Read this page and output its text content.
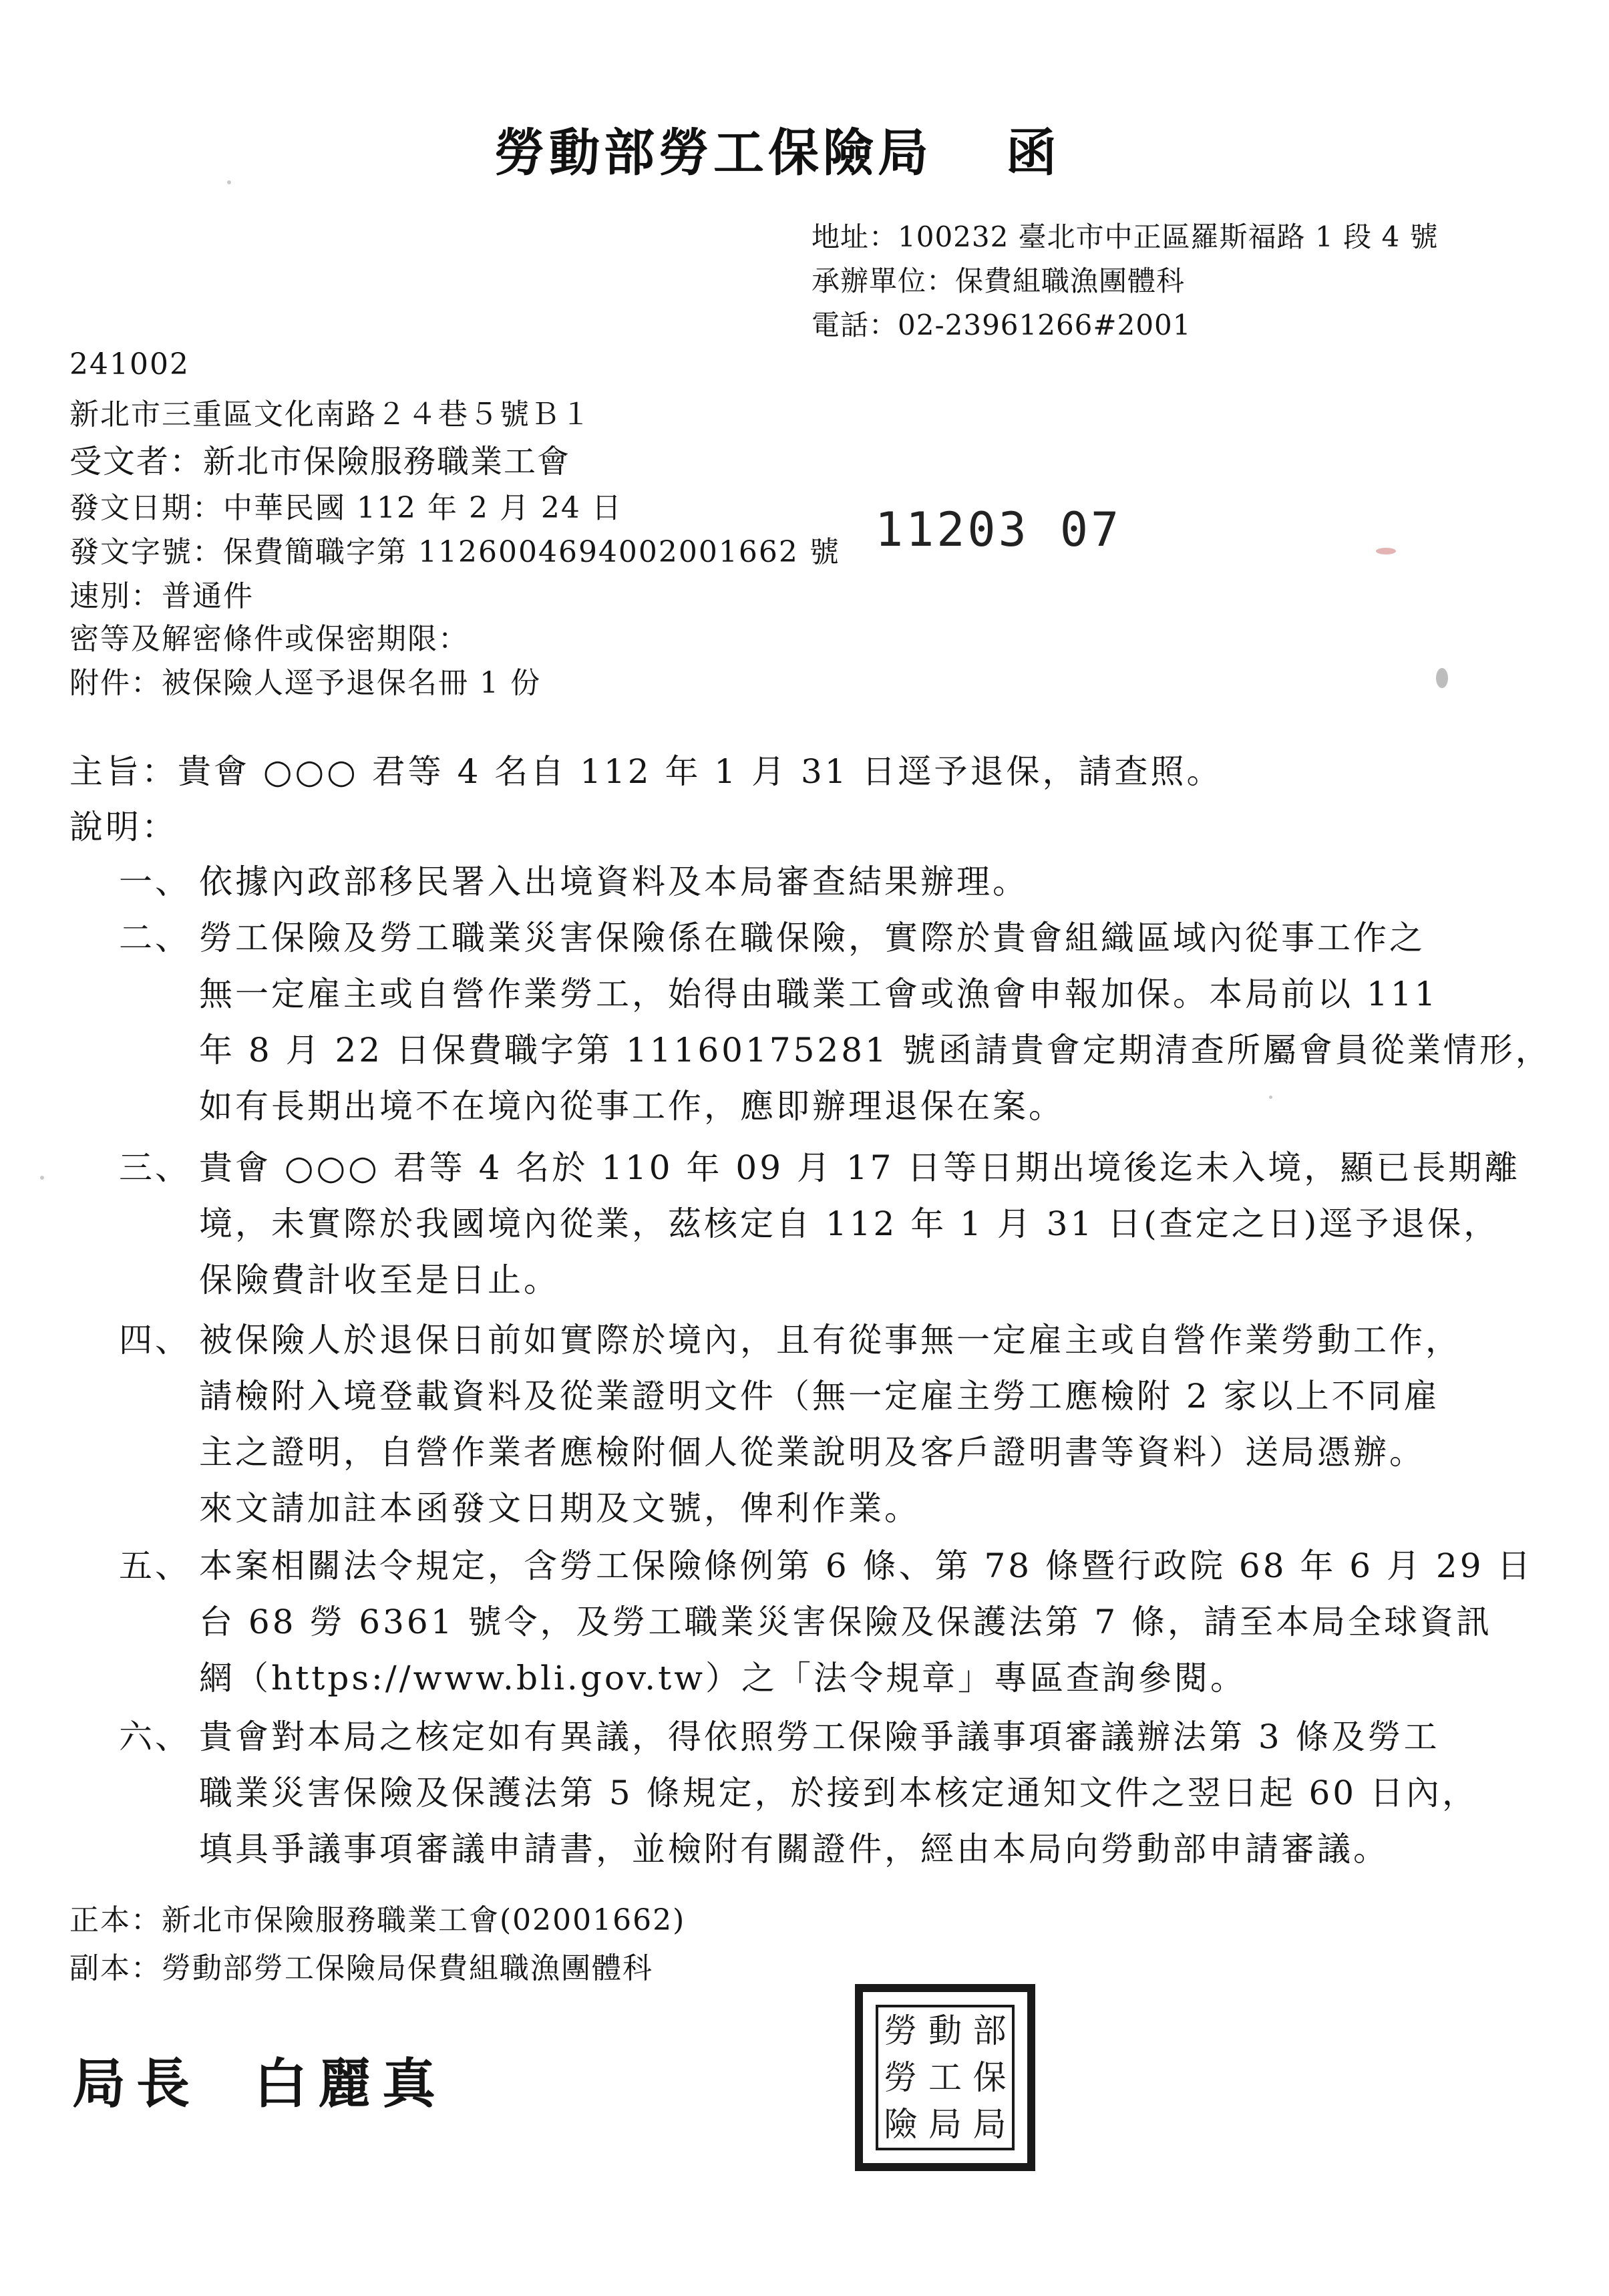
勞動部勞工保險局 函
地址：100232 臺北市中正區羅斯福路 1 段 4 號
承辦單位：保費組職漁團體科
電話：02-23961266#2001
241002
新北市三重區文化南路２４巷５號Ｂ１
受文者：新北市保險服務職業工會
發文日期：中華民國 112 年 2 月 24 日
發文字號：保費簡職字第 1126004694002001662 號
速別：普通件
密等及解密條件或保密期限：
附件：被保險人逕予退保名冊 1 份
11203 07
主旨：貴會 ○○○ 君等 4 名自 112 年 1 月 31 日逕予退保，請查照。
說明：
一、 依據內政部移民署入出境資料及本局審查結果辦理。
二、 勞工保險及勞工職業災害保險係在職保險，實際於貴會組織區域內從事工作之
無一定雇主或自營作業勞工，始得由職業工會或漁會申報加保。本局前以 111
年 8 月 22 日保費職字第 11160175281 號函請貴會定期清查所屬會員從業情形，
如有長期出境不在境內從事工作，應即辦理退保在案。
三、 貴會 ○○○ 君等 4 名於 110 年 09 月 17 日等日期出境後迄未入境，顯已長期離
境，未實際於我國境內從業，茲核定自 112 年 1 月 31 日(查定之日)逕予退保，
保險費計收至是日止。
四、 被保險人於退保日前如實際於境內，且有從事無一定雇主或自營作業勞動工作，
請檢附入境登載資料及從業證明文件（無一定雇主勞工應檢附 2 家以上不同雇
主之證明，自營作業者應檢附個人從業說明及客戶證明書等資料）送局憑辦。
來文請加註本函發文日期及文號，俾利作業。
五、 本案相關法令規定，含勞工保險條例第 6 條、第 78 條暨行政院 68 年 6 月 29 日
台 68 勞 6361 號令，及勞工職業災害保險及保護法第 7 條，請至本局全球資訊
網（https://www.bli.gov.tw）之「法令規章」專區查詢參閱。
六、 貴會對本局之核定如有異議，得依照勞工保險爭議事項審議辦法第 3 條及勞工
職業災害保險及保護法第 5 條規定，於接到本核定通知文件之翌日起 60 日內，
填具爭議事項審議申請書，並檢附有關證件，經由本局向勞動部申請審議。
正本：新北市保險服務職業工會(02001662)
副本：勞動部勞工保險局保費組職漁團體科
局長 白麗真
勞 動 部
勞 工 保
險 局 局
